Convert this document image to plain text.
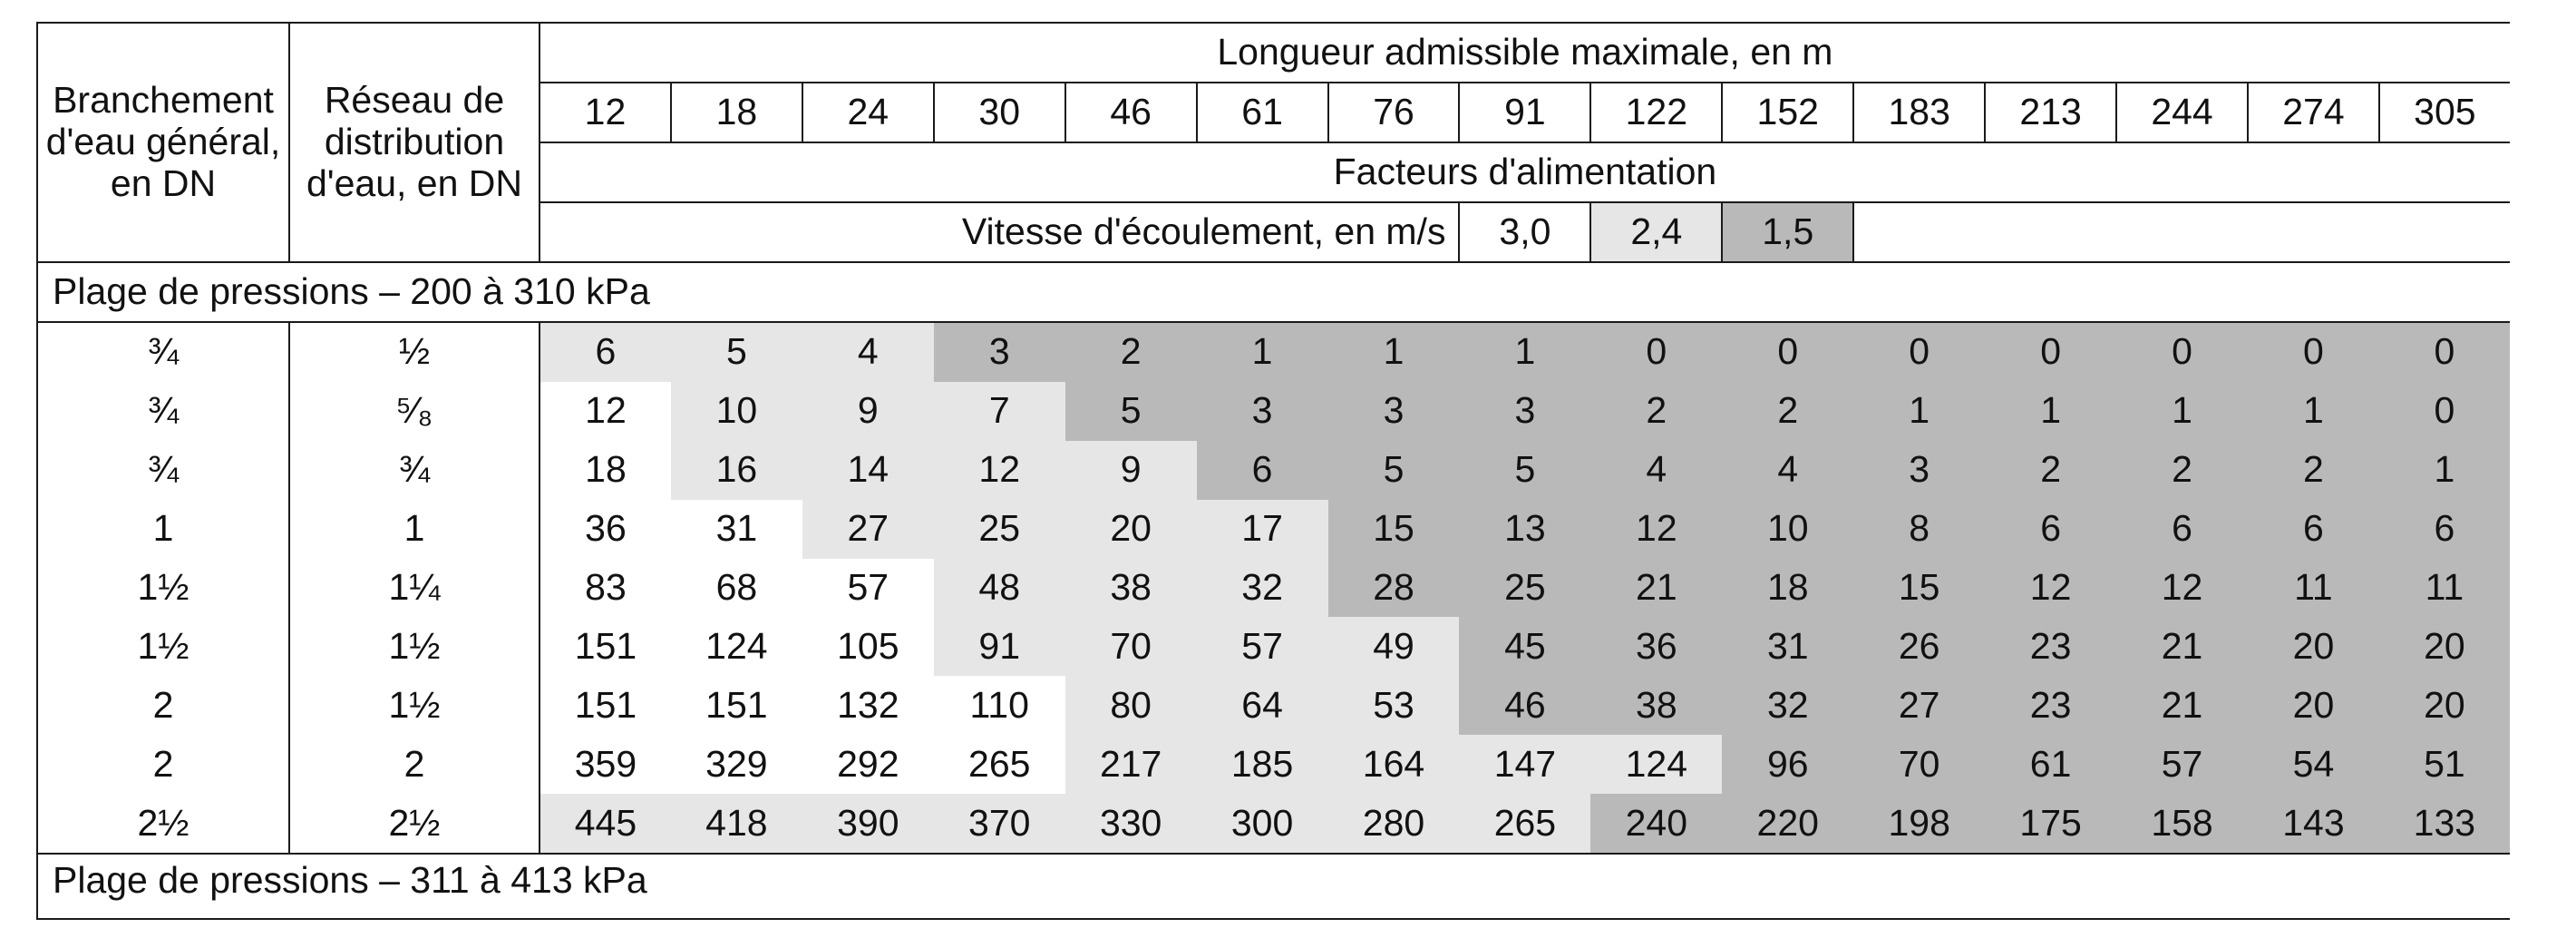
Branchement d'eau général, en DN	Réseau de distribution d'eau, en DN	Longueur admissible maximale, en m														
		12	18	24	30	46	61	76	91	122	152	183	213	244	274	305
		Facteurs d'alimentation														
		Vitesse d'écoulement, en m/s							3,0	2,4	1,5					
Plage de pressions – 200 à 310 kPa																
¾	½	6	5	4	3	2	1	1	1	0	0	0	0	0	0	0
¾	⁵⁄₈	12	10	9	7	5	3	3	3	2	2	1	1	1	1	0
¾	¾	18	16	14	12	9	6	5	5	4	4	3	2	2	2	1
1	1	36	31	27	25	20	17	15	13	12	10	8	6	6	6	6
1½	1¼	83	68	57	48	38	32	28	25	21	18	15	12	12	11	11
1½	1½	151	124	105	91	70	57	49	45	36	31	26	23	21	20	20
2	1½	151	151	132	110	80	64	53	46	38	32	27	23	21	20	20
2	2	359	329	292	265	217	185	164	147	124	96	70	61	57	54	51
2½	2½	445	418	390	370	330	300	280	265	240	220	198	175	158	143	133
Plage de pressions – 311 à 413 kPa																
